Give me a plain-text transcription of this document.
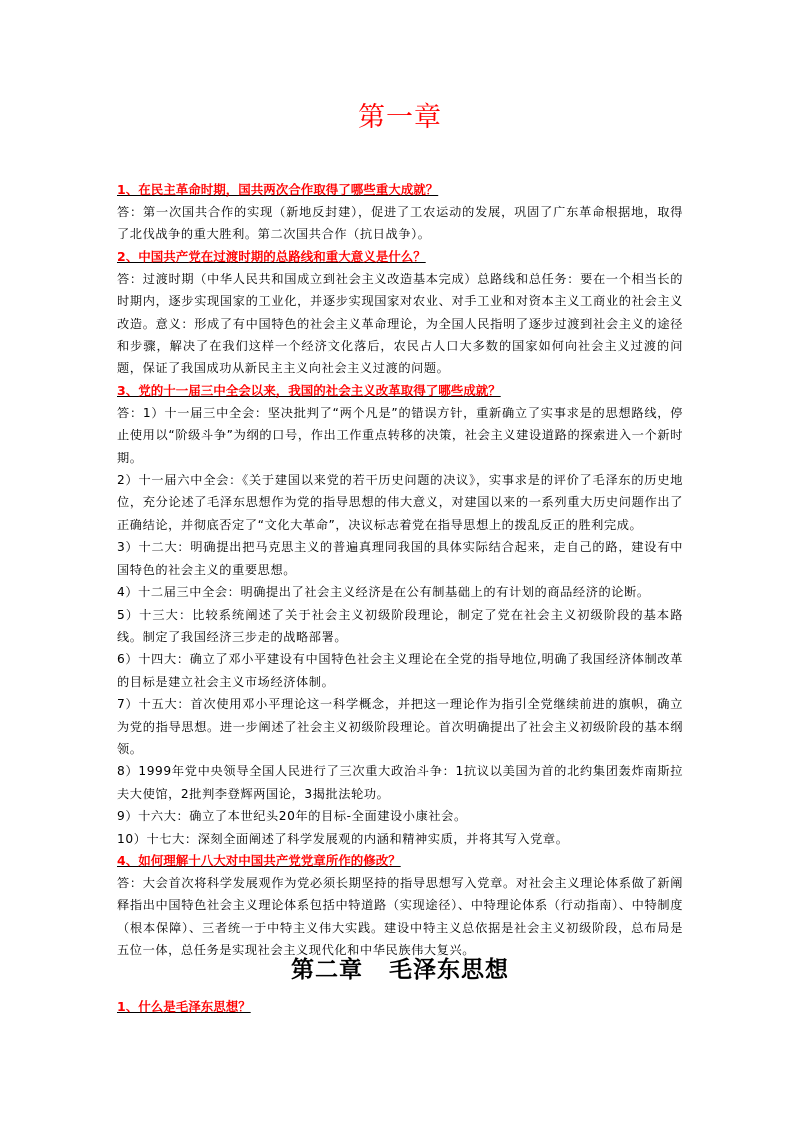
第一章

1、在民主革命时期，国共两次合作取得了哪些重大成就？

答：第一次国共合作的实现（新地反封建），促进了工农运动的发展，巩固了广东革命根据地，取得了北伐战争的重大胜利。第二次国共合作（抗日战争）。

2、中国共产党在过渡时期的总路线和重大意义是什么？

答：过渡时期（中华人民共和国成立到社会主义改造基本完成）总路线和总任务：要在一个相当长的时期内，逐步实现国家的工业化，并逐步实现国家对农业、对手工业和对资本主义工商业的社会主义改造。意义：形成了有中国特色的社会主义革命理论，为全国人民指明了逐步过渡到社会主义的途径和步骤，解决了在我们这样一个经济文化落后，农民占人口大多数的国家如何向社会主义过渡的问题，保证了我国成功从新民主主义向社会主义过渡的问题。

3、党的十一届三中全会以来，我国的社会主义改革取得了哪些成就？

答：1）十一届三中全会：坚决批判了“两个凡是”的错误方针，重新确立了实事求是的思想路线，停止使用以“阶级斗争”为纲的口号，作出工作重点转移的决策，社会主义建设道路的探索进入一个新时期。

2）十一届六中全会：《关于建国以来党的若干历史问题的决议》，实事求是的评价了毛泽东的历史地位，充分论述了毛泽东思想作为党的指导思想的伟大意义，对建国以来的一系列重大历史问题作出了正确结论，并彻底否定了“文化大革命”，决议标志着党在指导思想上的拨乱反正的胜利完成。

3）十二大：明确提出把马克思主义的普遍真理同我国的具体实际结合起来，走自己的路，建设有中国特色的社会主义的重要思想。

4）十二届三中全会：明确提出了社会主义经济是在公有制基础上的有计划的商品经济的论断。

5）十三大：比较系统阐述了关于社会主义初级阶段理论，制定了党在社会主义初级阶段的基本路线。制定了我国经济三步走的战略部署。

6）十四大：确立了邓小平建设有中国特色社会主义理论在全党的指导地位,明确了我国经济体制改革的目标是建立社会主义市场经济体制。

7）十五大：首次使用邓小平理论这一科学概念，并把这一理论作为指引全党继续前进的旗帜，确立为党的指导思想。进一步阐述了社会主义初级阶段理论。首次明确提出了社会主义初级阶段的基本纲领。

8）1999年党中央领导全国人民进行了三次重大政治斗争：1抗议以美国为首的北约集团轰炸南斯拉夫大使馆，2批判李登辉两国论，3揭批法轮功。

9）十六大：确立了本世纪头20年的目标-全面建设小康社会。

10）十七大：深刻全面阐述了科学发展观的内涵和精神实质，并将其写入党章。

4、如何理解十八大对中国共产党党章所作的修改？

答：大会首次将科学发展观作为党必须长期坚持的指导思想写入党章。对社会主义理论体系做了新阐释指出中国特色社会主义理论体系包括中特道路（实现途径）、中特理论体系（行动指南）、中特制度（根本保障）、三者统一于中特主义伟大实践。建设中特主义总依据是社会主义初级阶段，总布局是五位一体，总任务是实现社会主义现代化和中华民族伟大复兴。

第二章 毛泽东思想

1、什么是毛泽东思想？
